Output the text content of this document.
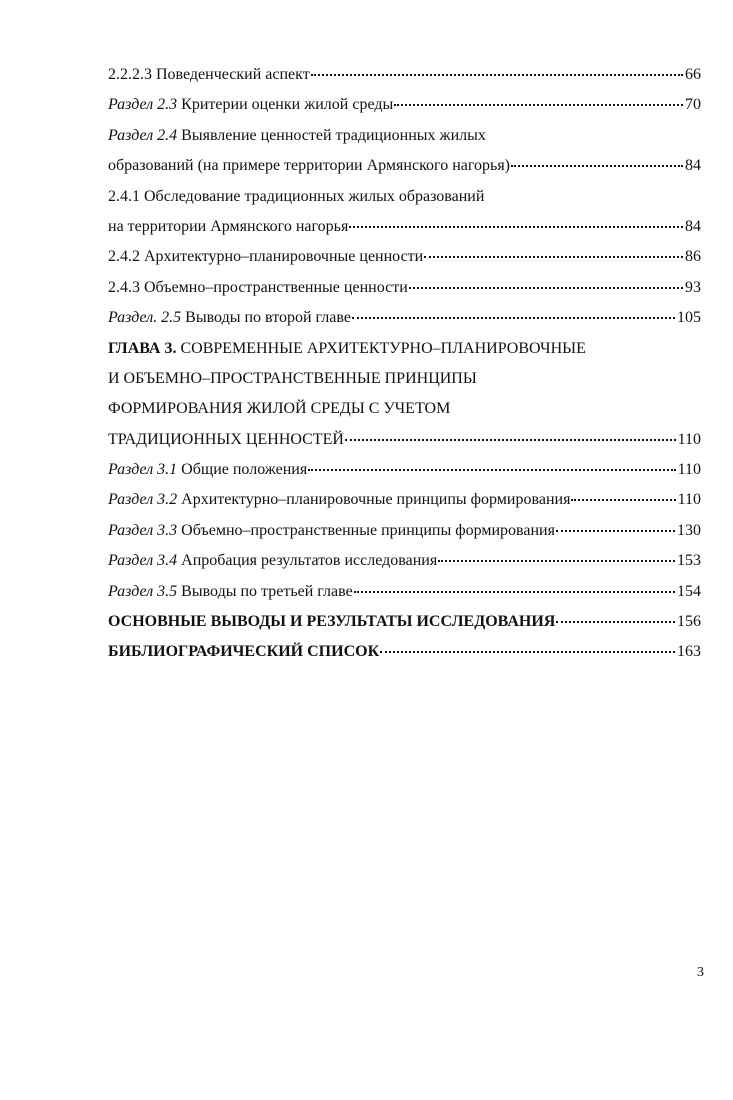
2.2.2.3 Поведенческий аспект	66
Раздел 2.3 Критерии оценки жилой среды	70
Раздел 2.4 Выявление ценностей традиционных жилых
образований (на примере территории Армянского нагорья)	84
2.4.1 Обследование традиционных жилых образований
на территории Армянского нагорья	84
2.4.2 Архитектурно–планировочные ценности	86
2.4.3 Объемно–пространственные ценности	93
Раздел. 2.5 Выводы по второй главе	105
ГЛАВА 3. СОВРЕМЕННЫЕ АРХИТЕКТУРНО–ПЛАНИРОВОЧНЫЕ
И ОБЪЕМНО–ПРОСТРАНСТВЕННЫЕ ПРИНЦИПЫ
ФОРМИРОВАНИЯ ЖИЛОЙ СРЕДЫ С УЧЕТОМ
ТРАДИЦИОННЫХ ЦЕННОСТЕЙ	110
Раздел 3.1 Общие положения	110
Раздел 3.2 Архитектурно–планировочные принципы формирования	110
Раздел 3.3 Объемно–пространственные принципы формирования	130
Раздел 3.4 Апробация результатов исследования	153
Раздел 3.5 Выводы по третьей главе	154
ОСНОВНЫЕ ВЫВОДЫ И РЕЗУЛЬТАТЫ ИССЛЕДОВАНИЯ	156
БИБЛИОГРАФИЧЕСКИЙ СПИСОК	163
3
